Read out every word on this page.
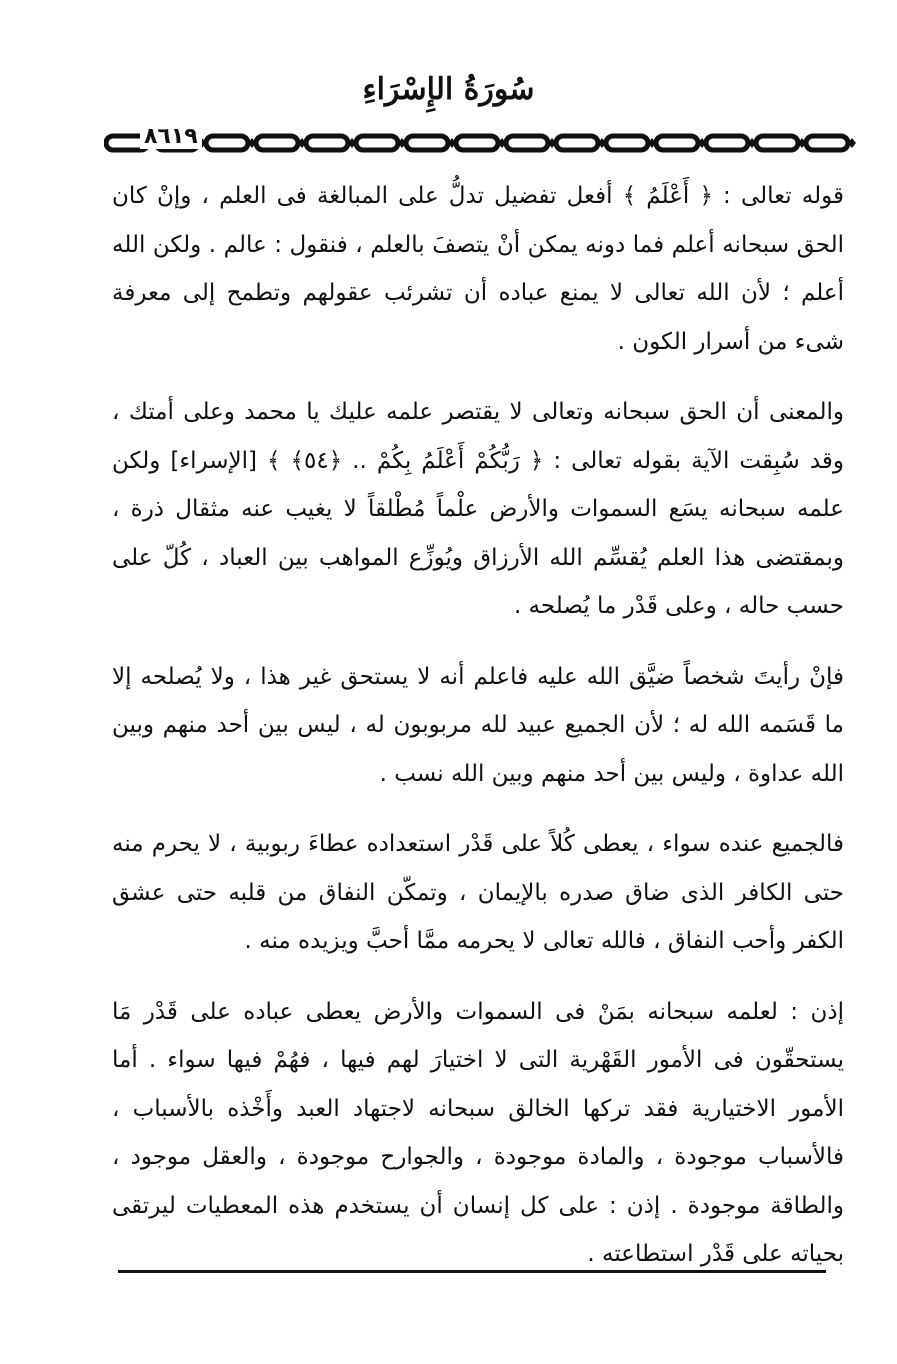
سُورَةُ الإِسْرَاءِ
٨٦١٩

قوله تعالى : ﴿ أَعْلَمُ ﴾ أفعل تفضيل تدلُّ على المبالغة فى العلم ، وإنْ كان الحق سبحانه أعلم فما دونه يمكن أنْ يتصفَ بالعلم ، فنقول : عالم . ولكن الله أعلم ؛ لأن الله تعالى لا يمنع عباده أن تشرئب عقولهم وتطمح إلى معرفة شىء من أسرار الكون .

والمعنى أن الحق سبحانه وتعالى لا يقتصر علمه عليك يا محمد وعلى أمتك ، وقد سُبِقت الآية بقوله تعالى : ﴿ رَبُّكُمْ أَعْلَمُ بِكُمْ .. ﴿٥٤﴾ ﴾ [الإسراء] ولكن علمه سبحانه يسَع السموات والأرض علْماً مُطْلقاً لا يغيب عنه مثقال ذرة ، وبمقتضى هذا العلم يُقسِّم الله الأرزاق ويُوزِّع المواهب بين العباد ، كُلّ على حسب حاله ، وعلى قَدْر ما يُصلحه .

فإنْ رأيتَ شخصاً ضيَّق الله عليه فاعلم أنه لا يستحق غير هذا ، ولا يُصلحه إلا ما قَسَمه الله له ؛ لأن الجميع عبيد لله مربوبون له ، ليس بين أحد منهم وبين الله عداوة ، وليس بين أحد منهم وبين الله نسب .

فالجميع عنده سواء ، يعطى كُلاً على قَدْر استعداده عطاءَ ربوبية ، لا يحرم منه حتى الكافر الذى ضاق صدره بالإيمان ، وتمكّن النفاق من قلبه حتى عشق الكفر وأحب النفاق ، فالله تعالى لا يحرمه ممَّا أحبَّ ويزيده منه .

إذن : لعلمه سبحانه بمَنْ فى السموات والأرض يعطى عباده على قَدْر مَا يستحقّون فى الأمور القَهْرية التى لا اختيارَ لهم فيها ، فهُمْ فيها سواء . أما الأمور الاختيارية فقد تركها الخالق سبحانه لاجتهاد العبد وأَخْذه بالأسباب ، فالأسباب موجودة ، والمادة موجودة ، والجوارح موجودة ، والعقل موجود ، والطاقة موجودة . إذن : على كل إنسان أن يستخدم هذه المعطيات ليرتقى بحياته على قَدْر استطاعته .
